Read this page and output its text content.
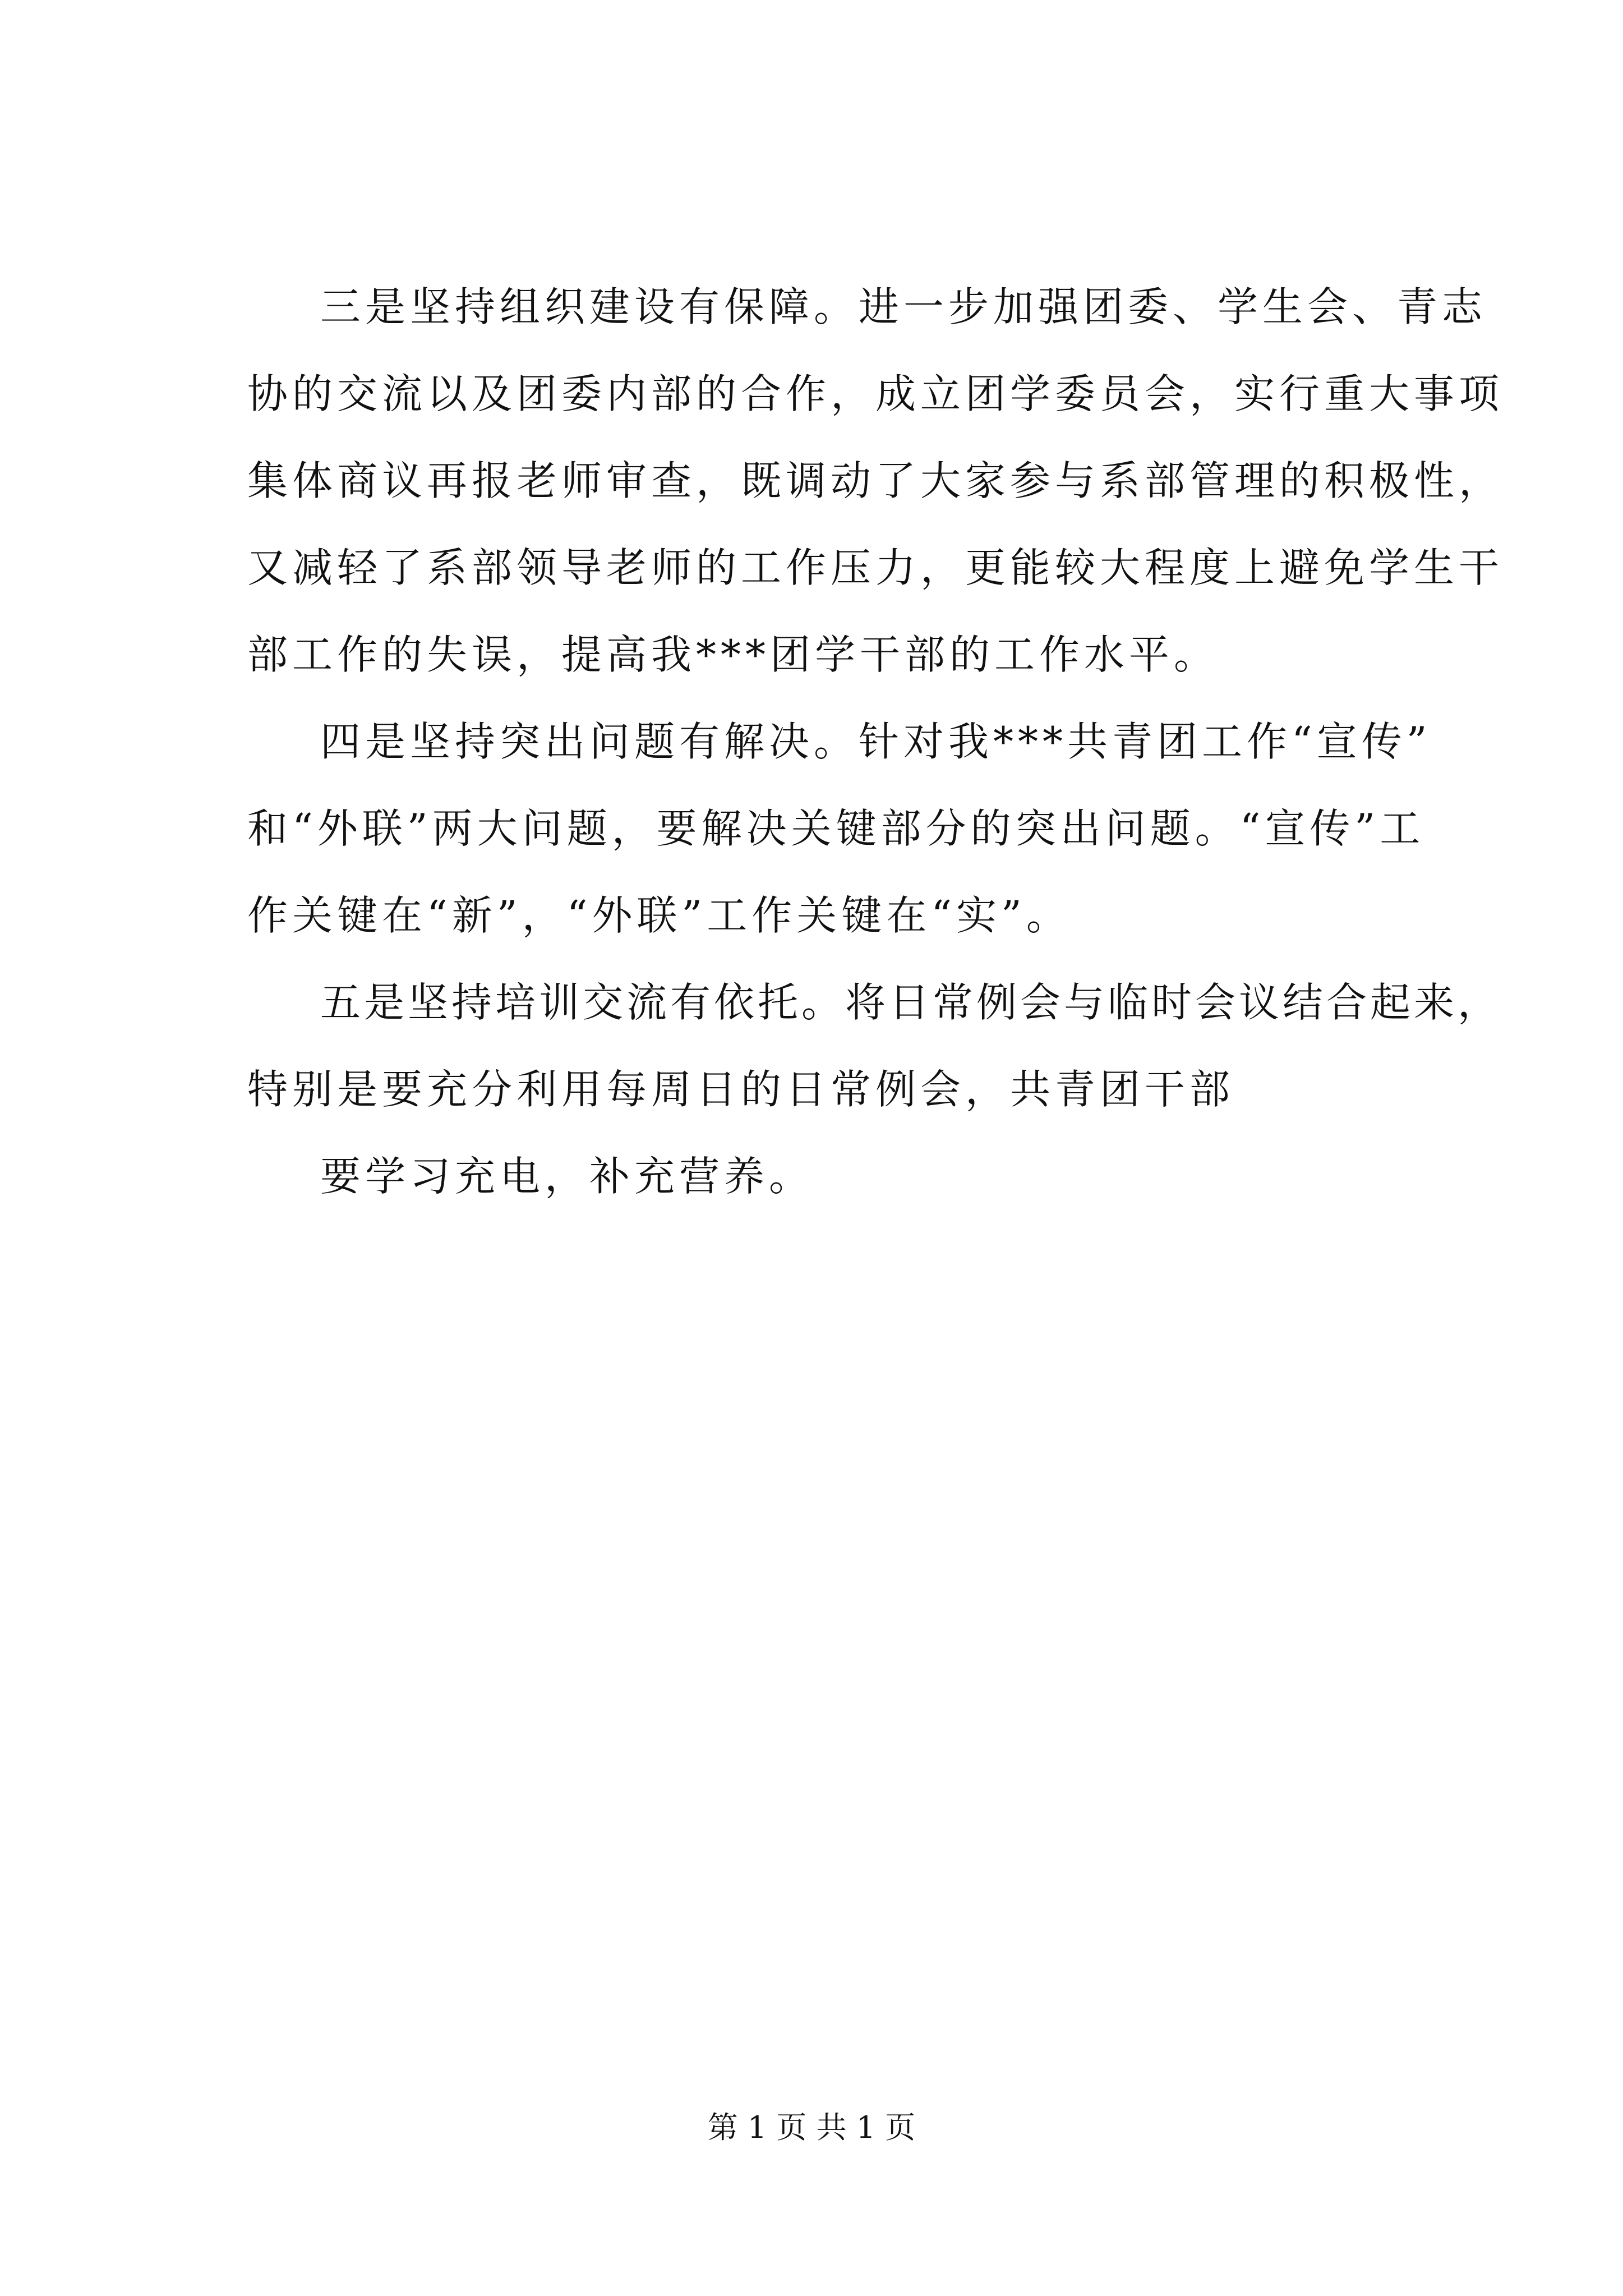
三是坚持组织建设有保障。进一步加强团委、学生会、青志
协的交流以及团委内部的合作，成立团学委员会，实行重大事项
集体商议再报老师审查，既调动了大家参与系部管理的积极性，
又减轻了系部领导老师的工作压力，更能较大程度上避免学生干
部工作的失误，提高我***团学干部的工作水平。
四是坚持突出问题有解决。针对我***共青团工作“宣传”
和“外联”两大问题，要解决关键部分的突出问题。“宣传”工
作关键在“新”，“外联”工作关键在“实”。
五是坚持培训交流有依托。将日常例会与临时会议结合起来，
特别是要充分利用每周日的日常例会，共青团干部
要学习充电，补充营养。
第 1 页 共 1 页
